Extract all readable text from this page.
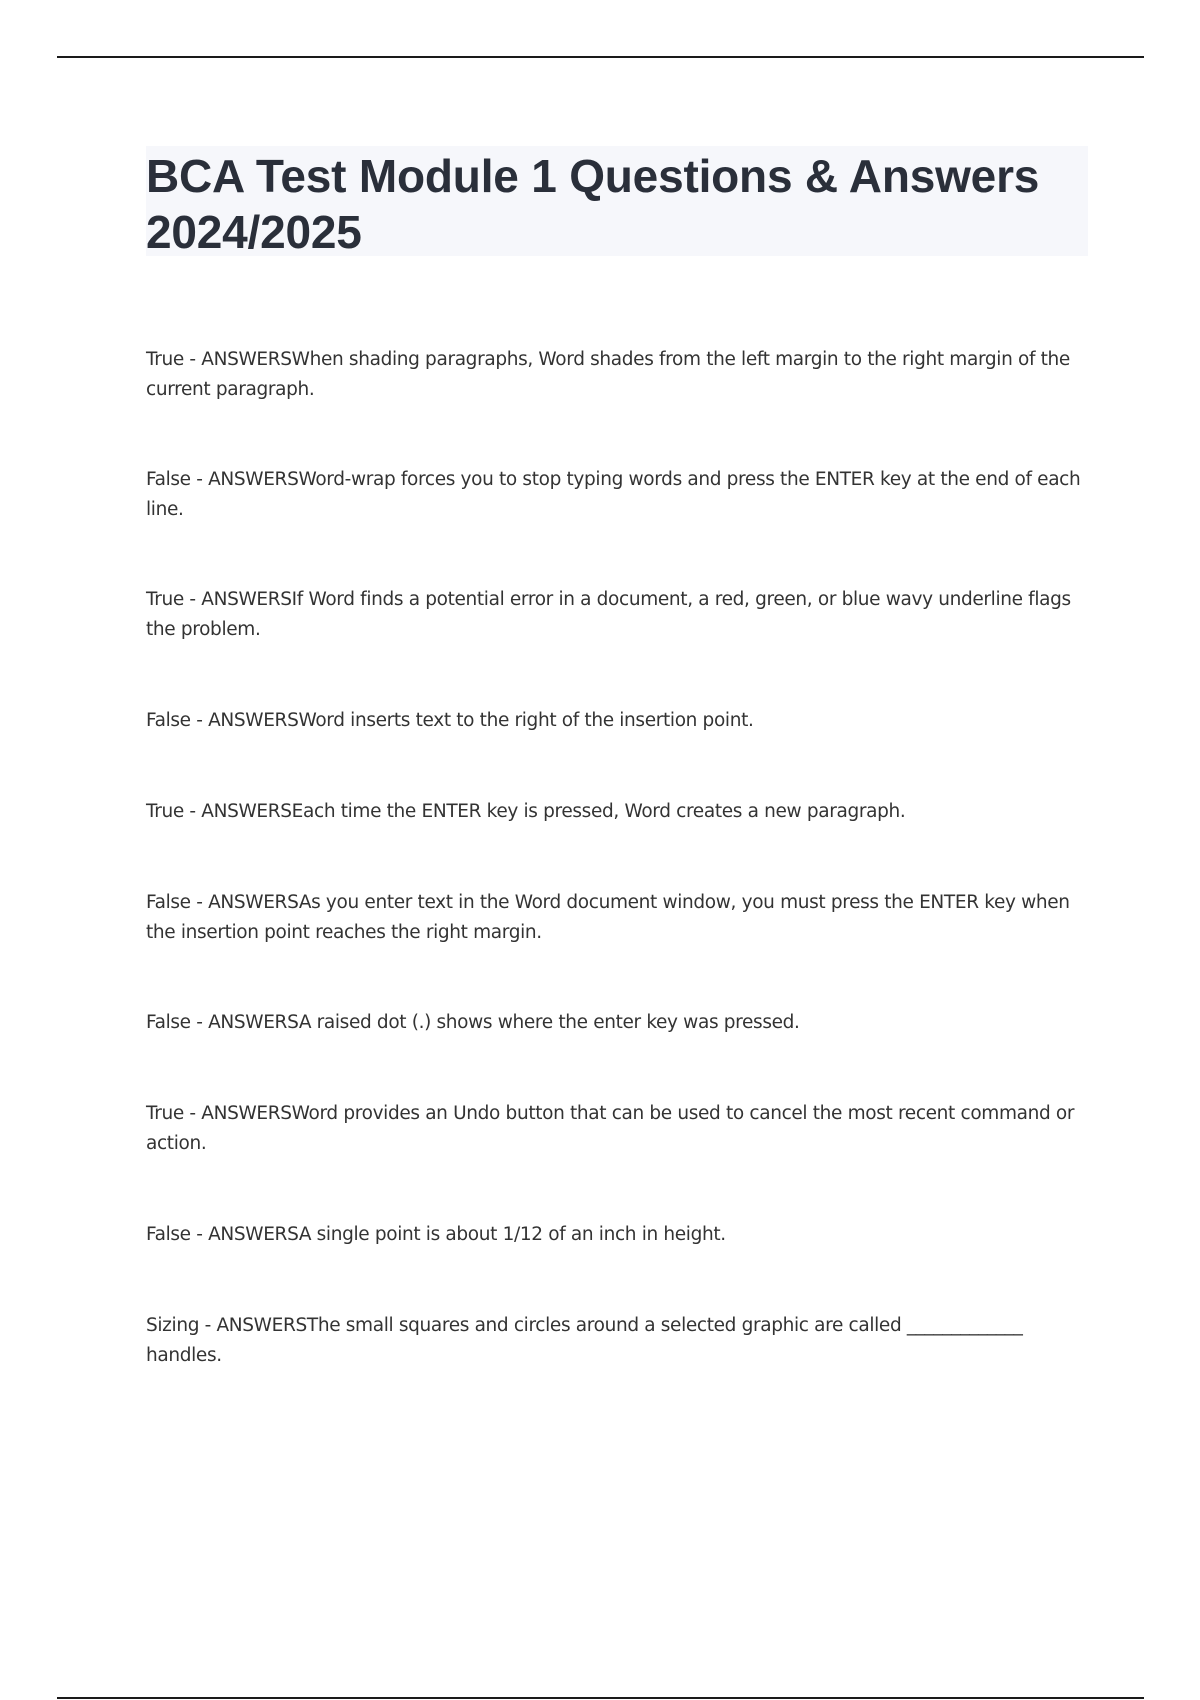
BCA Test Module 1 Questions & Answers 2024/2025
True - ANSWERSWhen shading paragraphs, Word shades from the left margin to the right margin of the current paragraph.
False - ANSWERSWord-wrap forces you to stop typing words and press the ENTER key at the end of each line.
True - ANSWERSIf Word finds a potential error in a document, a red, green, or blue wavy underline flags the problem.
False - ANSWERSWord inserts text to the right of the insertion point.
True - ANSWERSEach time the ENTER key is pressed, Word creates a new paragraph.
False - ANSWERSAs you enter text in the Word document window, you must press the ENTER key when the insertion point reaches the right margin.
False - ANSWERSA raised dot (.) shows where the enter key was pressed.
True - ANSWERSWord provides an Undo button that can be used to cancel the most recent command or action.
False - ANSWERSA single point is about 1/12 of an inch in height.
Sizing - ANSWERSThe small squares and circles around a selected graphic are called _____________ handles.
